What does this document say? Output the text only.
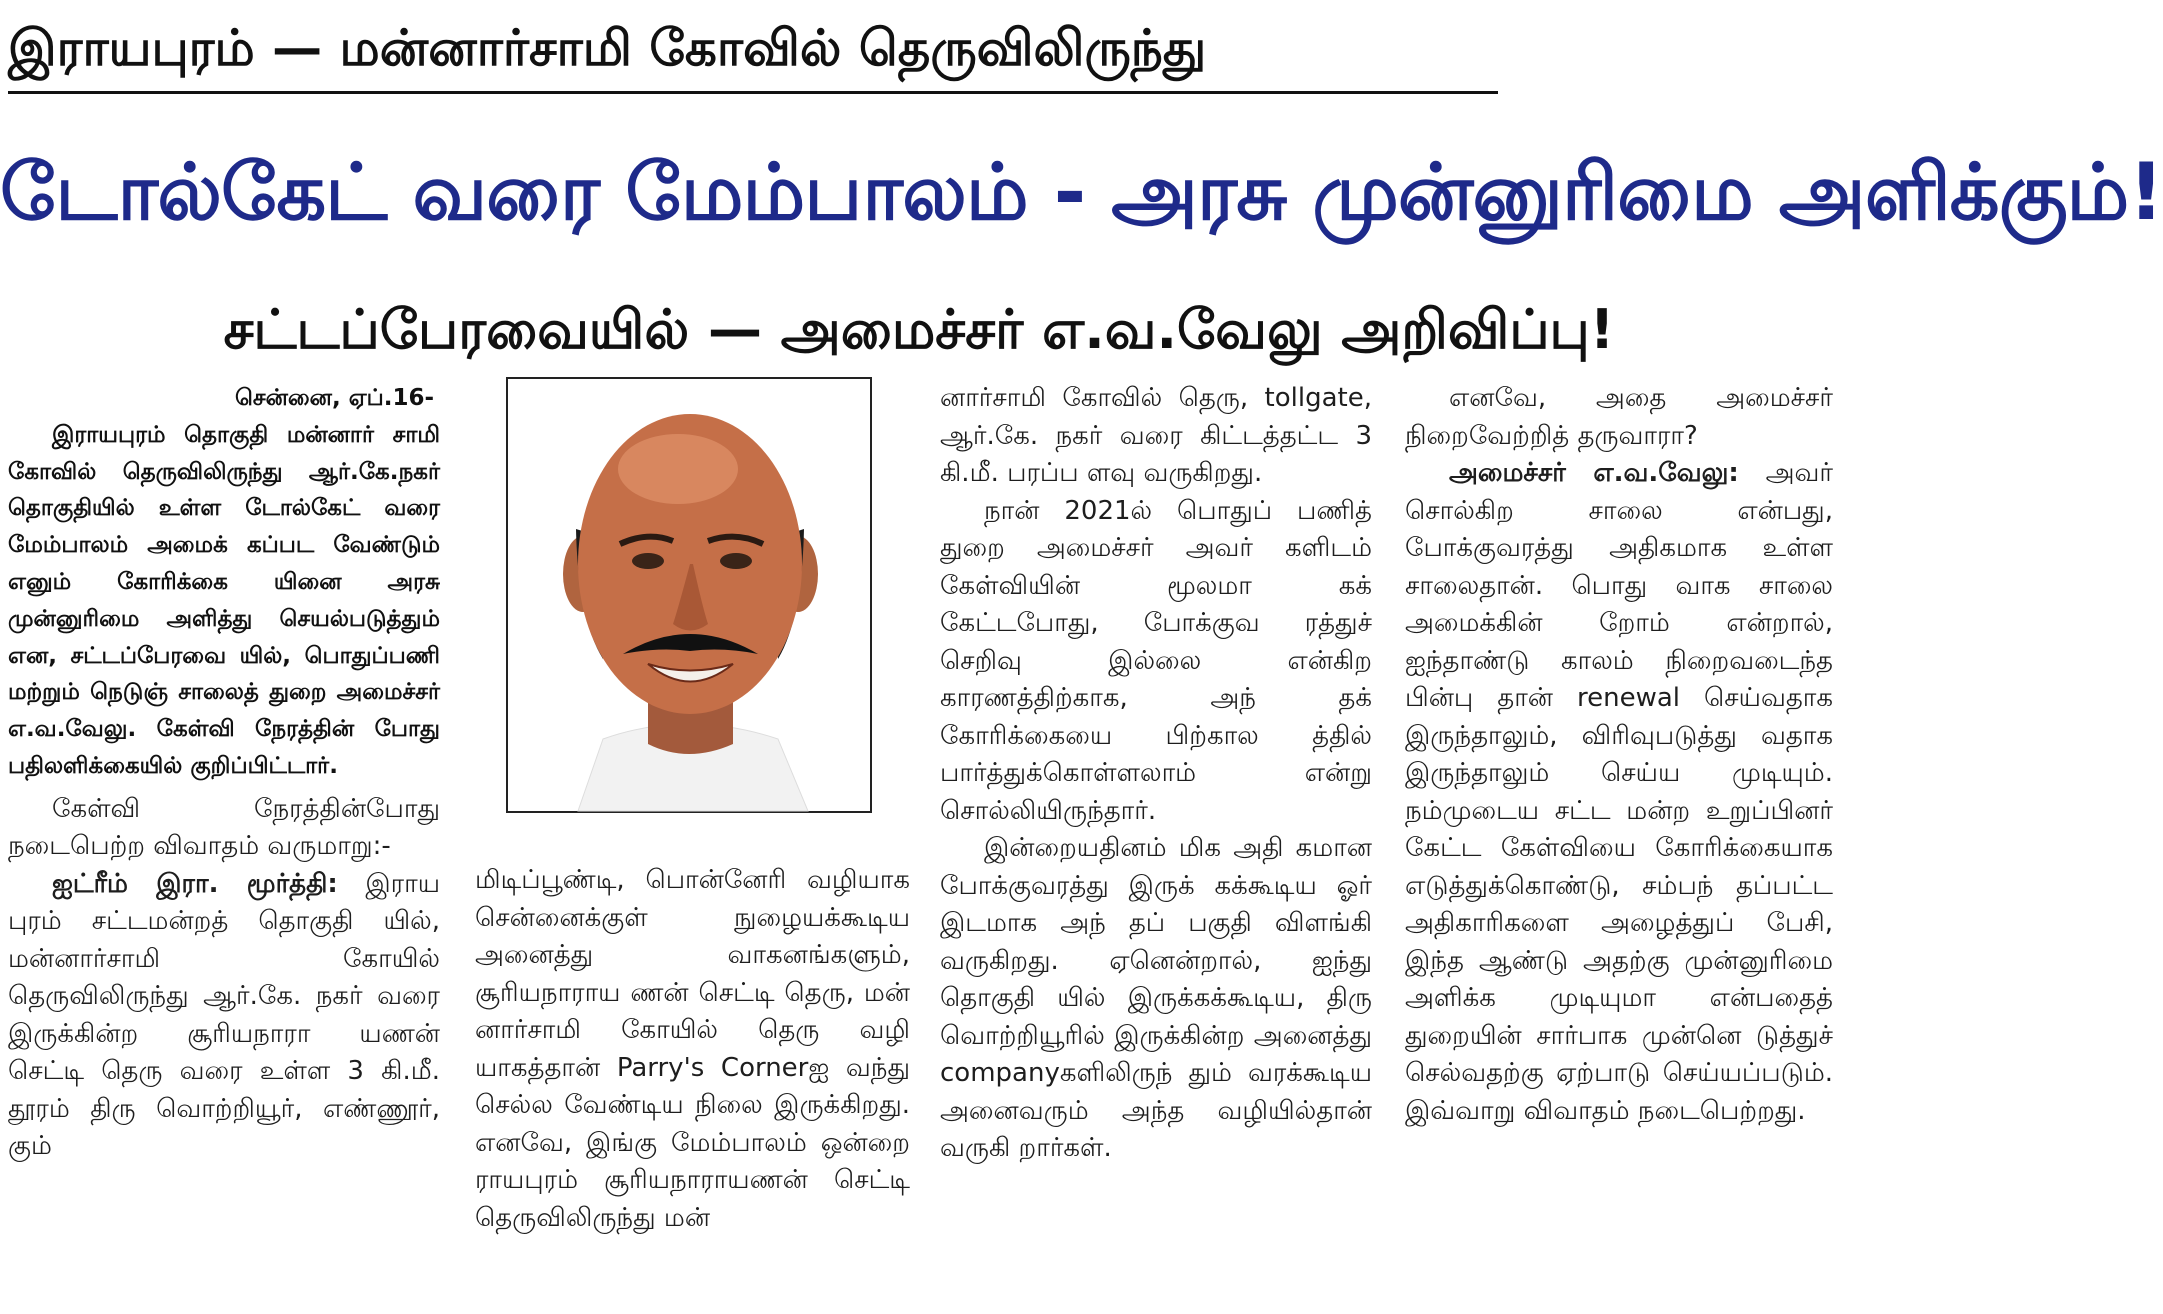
இராயபுரம் — மன்னார்சாமி கோவில் தெருவிலிருந்து
டோல்கேட் வரை மேம்பாலம் - அரசு முன்னுரிமை அளிக்கும்!
சட்டப்பேரவையில் — அமைச்சர் எ.வ.வேலு அறிவிப்பு!

சென்னை, ஏப்.16-

இராயபுரம் தொகுதி மன்னார் சாமி கோவில் தெருவிலிருந்து ஆர்.கே.நகர் தொகுதியில் உள்ள டோல்கேட் வரை மேம்பாலம் அமைக் கப்பட வேண்டும் எனும் கோரிக்கை யினை அரசு முன்னுரிமை அளித்து செயல்படுத்தும் என, சட்டப்பேரவை யில், பொதுப்பணி மற்றும் நெடுஞ் சாலைத் துறை அமைச்சர் எ.வ.வேலு. கேள்வி நேரத்தின் போது பதிலளிக்கையில் குறிப்பிட்டார்.

கேள்வி நேரத்தின்போது நடைபெற்ற விவாதம் வருமாறு:-

ஐட்ரீம் இரா. மூர்த்தி: இராய புரம் சட்டமன்றத் தொகுதி யில், மன்னார்சாமி கோயில் தெருவிலிருந்து ஆர்.கே. நகர் வரை இருக்கின்ற சூரியநாரா யணன் செட்டி தெரு வரை உள்ள 3 கி.மீ. தூரம் திரு வொற்றியூர், எண்ணூர், கும்

மிடிப்பூண்டி, பொன்னேரி வழியாக சென்னைக்குள் நுழையக்கூடிய அனைத்து வாகனங்களும், சூரியநாராய ணன் செட்டி தெரு, மன் னார்சாமி கோயில் தெரு வழி யாகத்தான் Parry's Cornerஐ வந்து செல்ல வேண்டிய நிலை இருக்கிறது. எனவே, இங்கு மேம்பாலம் ஒன்றை ராயபுரம் சூரியநாராயணன் செட்டி தெருவிலிருந்து மன்

னார்சாமி கோவில் தெரு, tollgate, ஆர்.கே. நகர் வரை கிட்டத்தட்ட 3 கி.மீ. பரப்ப ளவு வருகிறது.

நான் 2021ல் பொதுப் பணித் துறை அமைச்சர் அவர் களிடம் கேள்வியின் மூலமா கக் கேட்டபோது, போக்குவ ரத்துச் செறிவு இல்லை என்கிற காரணத்திற்காக, அந் தக் கோரிக்கையை பிற்கால த்தில் பார்த்துக்கொள்ளலாம் என்று சொல்லியிருந்தார்.

இன்றையதினம் மிக அதி கமான போக்குவரத்து இருக் கக்கூடிய ஓர் இடமாக அந் தப் பகுதி விளங்கி வருகிறது. ஏனென்றால், ஐந்து தொகுதி யில் இருக்கக்கூடிய, திரு வொற்றியூரில் இருக்கின்ற அனைத்து companyகளிலிருந் தும் வரக்கூடிய அனைவரும் அந்த வழியில்தான் வருகி றார்கள்.

எனவே, அதை அமைச்சர் நிறைவேற்றித் தருவாரா?

அமைச்சர் எ.வ.வேலு: அவர் சொல்கிற சாலை என்பது, போக்குவரத்து அதிகமாக உள்ள சாலைதான். பொது வாக சாலை அமைக்கின் றோம் என்றால், ஐந்தாண்டு காலம் நிறைவடைந்த பின்பு தான் renewal செய்வதாக இருந்தாலும், விரிவுபடுத்து வதாக இருந்தாலும் செய்ய முடியும். நம்முடைய சட்ட மன்ற உறுப்பினர் கேட்ட கேள்வியை கோரிக்கையாக எடுத்துக்கொண்டு, சம்பந் தப்பட்ட அதிகாரிகளை அழைத்துப் பேசி, இந்த ஆண்டு அதற்கு முன்னுரிமை அளிக்க முடியுமா என்பதைத் துறையின் சார்பாக முன்னெ டுத்துச் செல்வதற்கு ஏற்பாடு செய்யப்படும். இவ்வாறு விவாதம் நடைபெற்றது.
